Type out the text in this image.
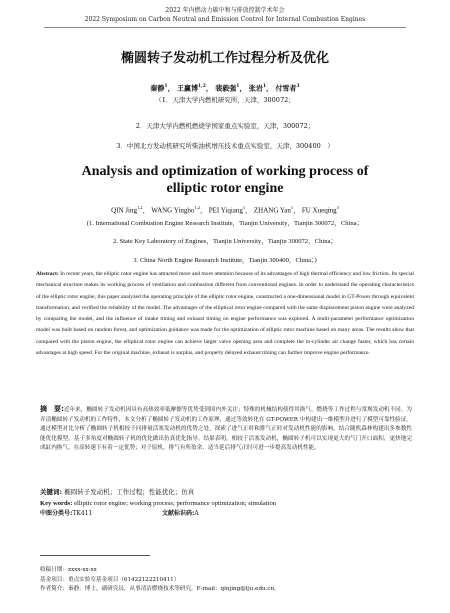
2022 年内燃动力碳中和与排放控制学术年会
2022 Symposium on Carbon Neutral and Emission Control for Internal Combustion Engines
椭圆转子发动机工作过程分析及优化
秦静$^1$， 王赢博$^{1,2}$， 裴毅强$^1$， 张岩$^1$， 付雪者$^3$
（1．天津大学内燃机研究所，天津，300072；
2．天津大学内燃机燃烧学国家重点实验室，天津，300072；
3．中国北方发动机研究所柴油机增压技术重点实验室，天津，300400　）
Analysis and optimization of working process of
elliptic rotor engine
QIN Jing$^{1,2}$， WANG Yingbo$^{1,2}$， PEI Yiqiang$^1$， ZHANG Yan$^1$， FU Xueqing$^3$
(1. International Combustion Engine Research Institute，Tianjin University，Tianjin 300072，China；
2. State Key Laboratory of Engines，Tianjin University，Tianjin 300072，China；
3. China North Engine Research Institute，Tianjin 300400，China；)
Abstract: In recent years, the elliptic rotor engine has attracted more and more attention because of its advantages of high thermal efficiency and low friction. Its special mechanical structure makes its working process of ventilation and combustion different from conventional engines. In order to understand the operating characteristics of the elliptic rotor engine, this paper analyzed the operating principle of the elliptic rotor engine, constructed a one-dimensional model in GT-Power through equivalent transformation, and verified the reliability of the model. The advantages of the elliptical rotor engine compared with the same displacement piston engine were analyzed by comparing the model, and the influence of intake timing and exhaust timing on engine performance was explored. A multi-parameter performance optimization model was built based on random forest, and optimization guidance was made for the optimization of elliptic rotor machine based on many areas. The results show that compared with the piston engine, the elliptical rotor engine can achieve larger valve opening area and complete the in-cylinder air change faster, which has certain advantages at high speed. For the original machine, exhaust is surplus, and properly delayed exhaust timing can further improve engine performance.
摘　要:近年来，椭圆转子发动机因具有高热效率低摩擦等优势受到国内外关注；特殊的机械结构使得其换气、燃烧等工作过程与常规发动机不同。为弄清椭圆转子发动机的工作特性，本文分析了椭圆转子发动机的工作原理，通过等效转化在 GT-POWER 中构建出一维模型并进行了模型可靠性验证。通过模型对比分析了椭圆转子机相较于同排量活塞发动机的优势之处，探索了进气正时和排气正时对发动机性能的影响。结合随机森林构建出多参数性能优化模型，基于多角度对椭圆转子机的优化做出仿真优化指导。结果表明，相较于活塞发动机，椭圆转子机可以实现更大的气门开口面积，更快地完成缸内换气，在高转速下有着一定优势；对于原机，排气有所盈余，适当延后排气正时可进一步提高发动机性能。
关键词: 椭圆转子发动机；工作过程；性能优化；仿真
Key words: elliptic rotor engine; working process; performance optimization; simulation
中图分类号:TK411	文献标识码:A
收稿日期：xxxx-xx-xx
基金项目：重点实验室基金项目（61422122210411）
作者简介：秦静，博士，副研究员，从事清洁燃烧技术等研究，E-mail：qinjing@tju.edu.cn。
